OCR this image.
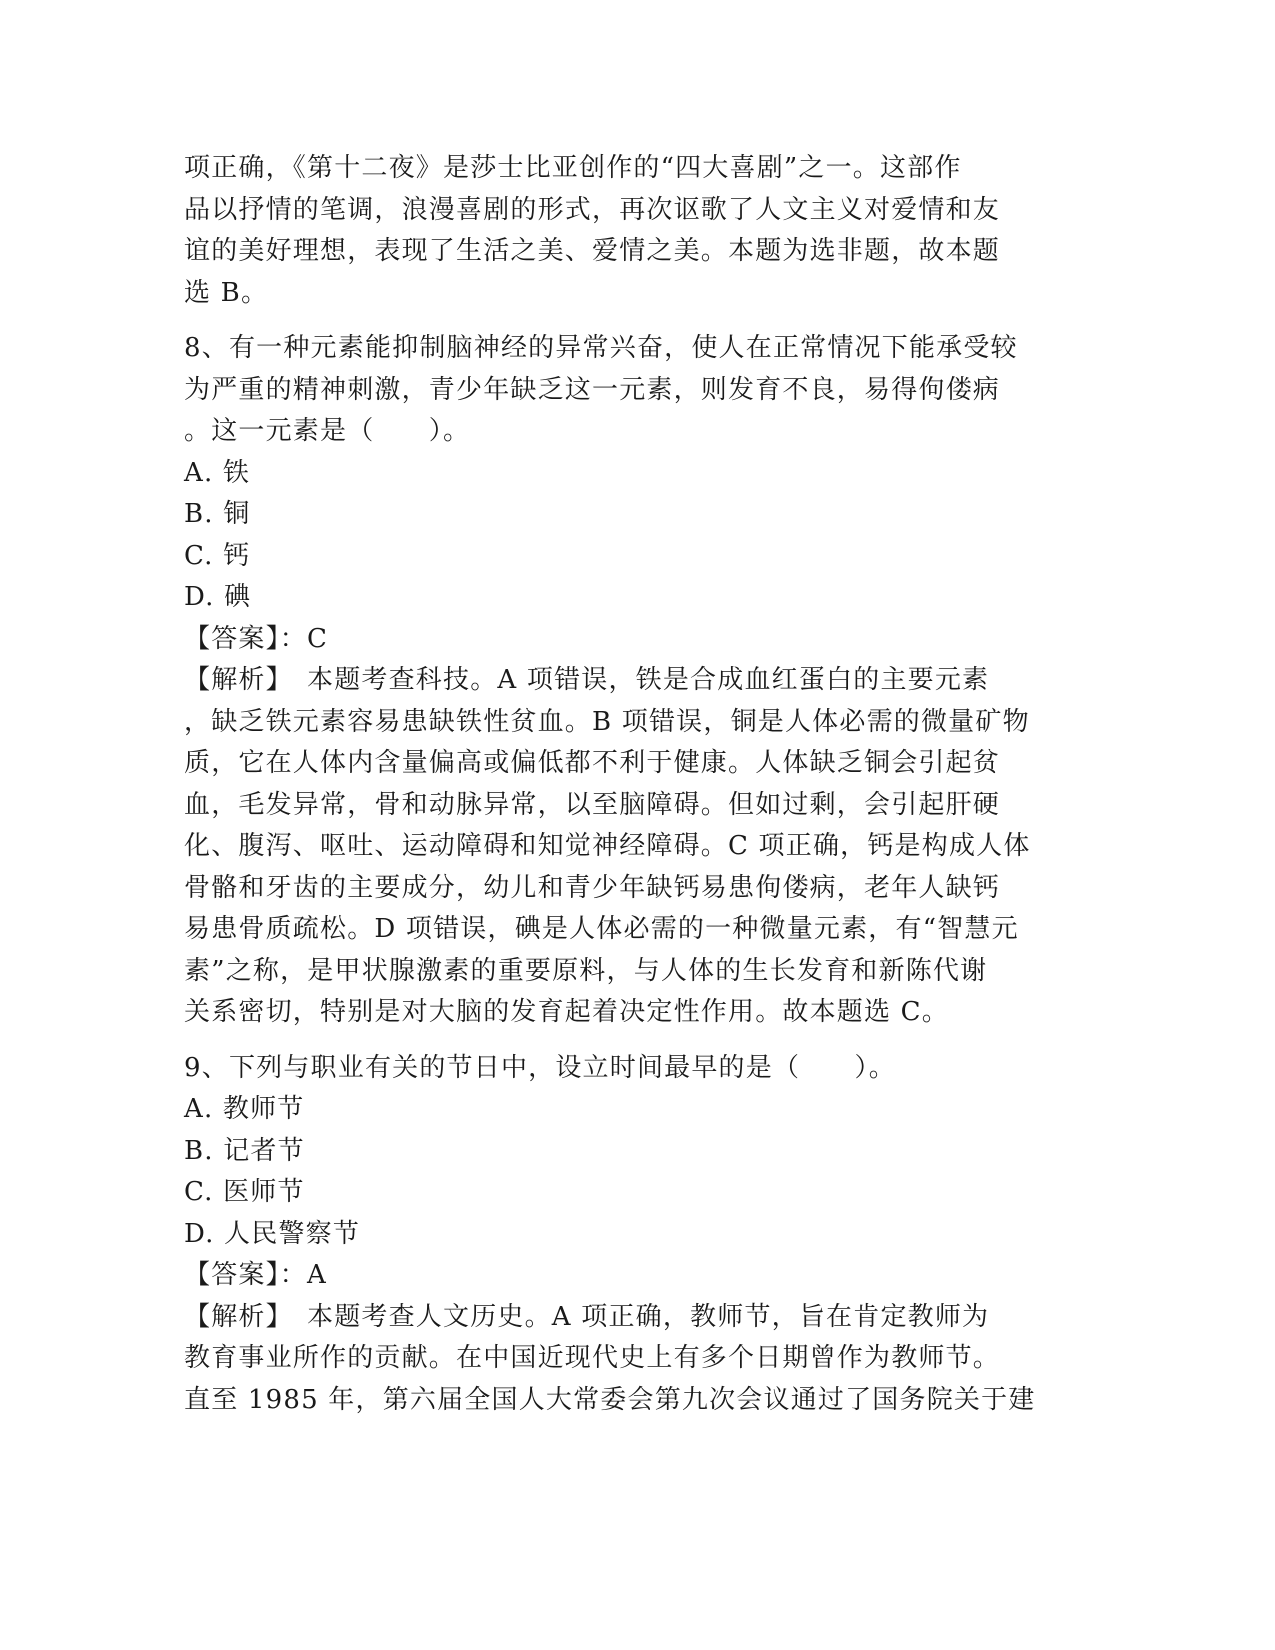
项正确，《第十二夜》是莎士比亚创作的“四大喜剧”之一。这部作
品以抒情的笔调，浪漫喜剧的形式，再次讴歌了人文主义对爱情和友
谊的美好理想，表现了生活之美、爱情之美。本题为选非题，故本题
选 B。
8、有一种元素能抑制脑神经的异常兴奋，使人在正常情况下能承受较
为严重的精神刺激，青少年缺乏这一元素，则发育不良，易得佝偻病
。这一元素是（　　）。
A. 铁
B. 铜
C. 钙
D. 碘
【答案】：C
【解析】　本题考查科技。A 项错误，铁是合成血红蛋白的主要元素
，缺乏铁元素容易患缺铁性贫血。B 项错误，铜是人体必需的微量矿物
质，它在人体内含量偏高或偏低都不利于健康。人体缺乏铜会引起贫
血，毛发异常，骨和动脉异常，以至脑障碍。但如过剩，会引起肝硬
化、腹泻、呕吐、运动障碍和知觉神经障碍。C 项正确，钙是构成人体
骨骼和牙齿的主要成分，幼儿和青少年缺钙易患佝偻病，老年人缺钙
易患骨质疏松。D 项错误，碘是人体必需的一种微量元素，有“智慧元
素”之称，是甲状腺激素的重要原料，与人体的生长发育和新陈代谢
关系密切，特别是对大脑的发育起着决定性作用。故本题选 C。
9、下列与职业有关的节日中，设立时间最早的是（　　）。
A. 教师节
B. 记者节
C. 医师节
D. 人民警察节
【答案】：A
【解析】　本题考查人文历史。A 项正确，教师节，旨在肯定教师为
教育事业所作的贡献。在中国近现代史上有多个日期曾作为教师节。
直至 1985 年，第六届全国人大常委会第九次会议通过了国务院关于建
